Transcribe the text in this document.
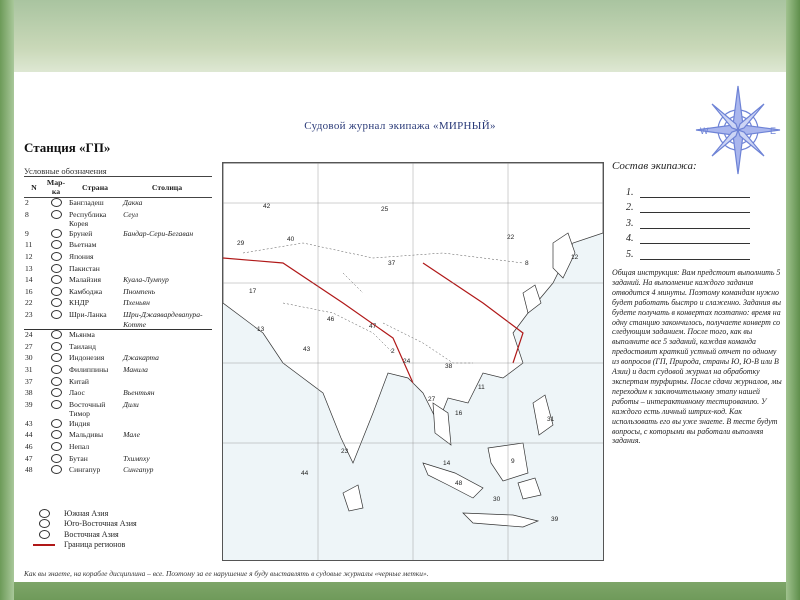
W	E
Судовой журнал экипажа «МИРНЫЙ»
Станция «ГП»
Условные обозначения
N	Мар-ка	Страна	Столица
2		Бангладеш	Дакка
8		Республика Корея	Сеул
9		Бруней	Бандар-Сери-Бегаван
11		Вьетнам	
12		Япония	
13		Пакистан	
14		Малайзия	Куала-Лумпур
16		Камбоджа	Пномпень
22		КНДР	Пхеньян
23		Шри-Ланка	Шри-Джаявардевапура-Котте
24		Мьянма	
27		Таиланд	
30		Индонезия	Джакарта
31		Филиппины	Манила
37		Китай	
38		Лаос	Вьентьян
39		Восточный Тимор	Дили
43		Индия	
44		Мальдивы	Мале
46		Непал	
47		Бутан	Тхимпху
48		Сингапур	Сингапур
Южная Азия
Юго-Восточная Азия
Восточная Азия
Граница регионов
42	25
29
40
37	8
12
22
17
13
46
47
2
43
24
38
11
27
16
31
14
23
44
48
30
9
39
Состав экипажа:
1.
2.
3.
4.
5.
Общая инструкция: Вам предстоит выполнить 5 заданий. На выполнение каждого задания отводится 4 минуты. Поэтому командам нужно будет работать быстро и слаженно. Задания вы будете получать в конвертах поэтапно: время на одну станцию закончилось, получаете конверт со следующим заданием. После того, как вы выполните все 5 заданий, каждая команда предоставит краткий устный отчет по одному из вопросов (ГП, Природа, страны Ю, Ю-В или В Азии) и даст судовой журнал на обработку экспертам турфирмы. После сдачи журналов, мы переходим к заключительному этапу нашей работы – интерактивному тестированию. У каждого есть личный штрих-код. Как использовать его вы уже знаете. В тесте будут вопросы, с которыми вы работали выполняя задания.
Как вы знаете, на корабле дисциплина – все. Поэтому за ее нарушение я буду выставлять в судовые журналы «черные метки».
